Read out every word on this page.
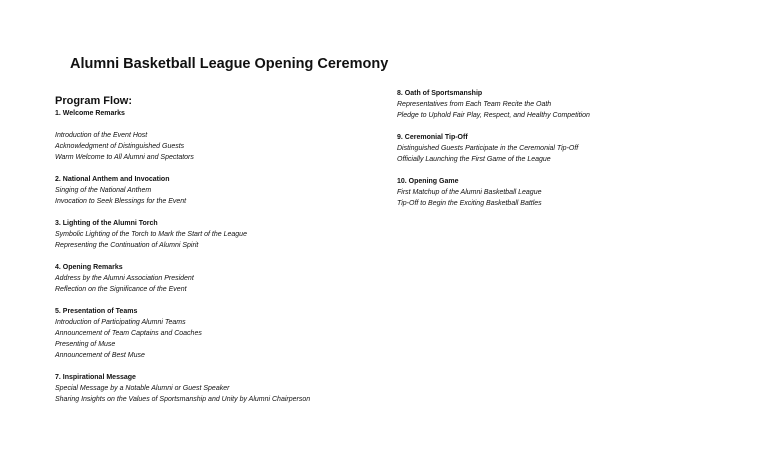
Alumni Basketball League Opening Ceremony

Program Flow:

1. Welcome Remarks
Introduction of the Event Host
Acknowledgment of Distinguished Guests
Warm Welcome to All Alumni and Spectators
2. National Anthem and Invocation
Singing of the National Anthem
Invocation to Seek Blessings for the Event
3. Lighting of the Alumni Torch
Symbolic Lighting of the Torch to Mark the Start of the League
Representing the Continuation of Alumni Spirit
4. Opening Remarks
Address by the Alumni Association President
Reflection on the Significance of the Event
5. Presentation of Teams
Introduction of Participating Alumni Teams
Announcement of Team Captains and Coaches
Presenting of Muse
Announcement of Best Muse
7. Inspirational Message
Special Message by a Notable Alumni or Guest Speaker
Sharing Insights on the Values of Sportsmanship and Unity by Alumni Chairperson
8. Oath of Sportsmanship
Representatives from Each Team Recite the Oath
Pledge to Uphold Fair Play, Respect, and Healthy Competition
9. Ceremonial Tip-Off
Distinguished Guests Participate in the Ceremonial Tip-Off
Officially Launching the First Game of the League
10. Opening Game
First Matchup of the Alumni Basketball League
Tip-Off to Begin the Exciting Basketball Battles
